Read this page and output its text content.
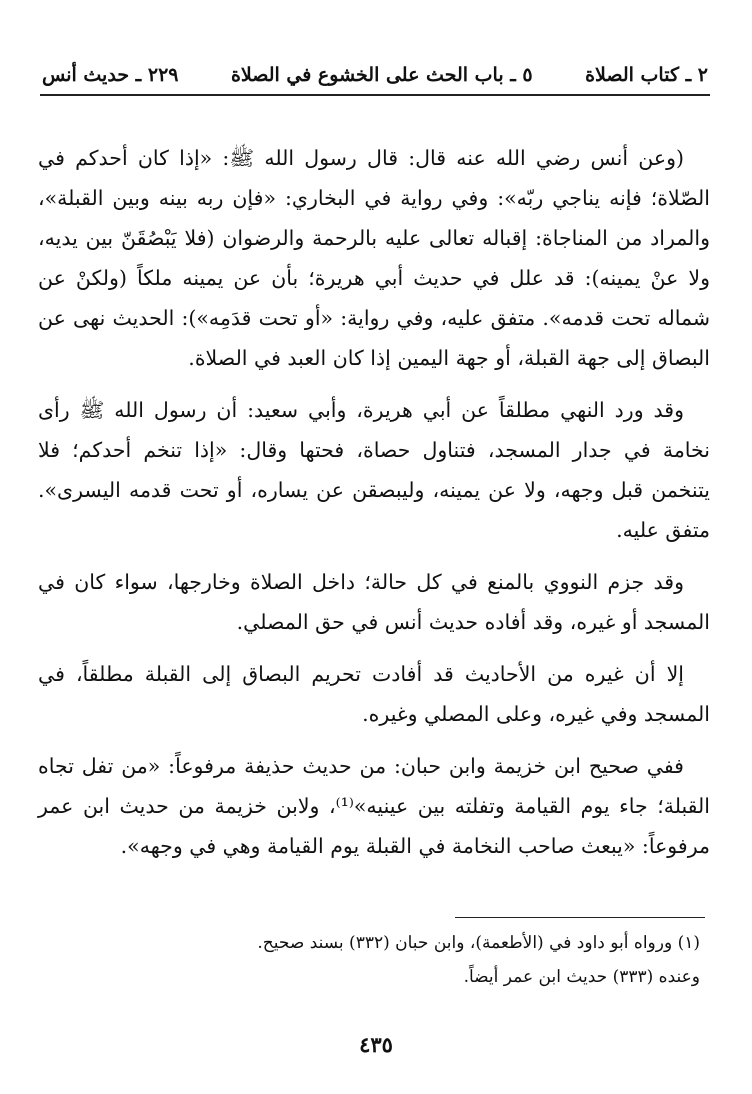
٢ ـ كتاب الصلاة
٥ ـ باب الحث على الخشوع في الصلاة
٢٢٩ ـ حديث أنس

(وعن أنس رضي الله عنه قال: قال رسول الله ﷺ: «إذا كان أحدكم في الصّلاة؛ فإنه يناجي ربّه»: وفي رواية في البخاري: «فإن ربه بينه وبين القبلة»، والمراد من المناجاة: إقباله تعالى عليه بالرحمة والرضوان (فلا يَبْصُقَنّ بين يديه، ولا عنْ يمينه): قد علل في حديث أبي هريرة؛ بأن عن يمينه ملكاً (ولكنْ عن شماله تحت قدمه». متفق عليه، وفي رواية: «أو تحت قدَمِه»): الحديث نهى عن البصاق إلى جهة القبلة، أو جهة اليمين إذا كان العبد في الصلاة.

وقد ورد النهي مطلقاً عن أبي هريرة، وأبي سعيد: أن رسول الله ﷺ رأى نخامة في جدار المسجد، فتناول حصاة، فحتها وقال: «إذا تنخم أحدكم؛ فلا يتنخمن قبل وجهه، ولا عن يمينه، وليبصقن عن يساره، أو تحت قدمه اليسرى». متفق عليه.

وقد جزم النووي بالمنع في كل حالة؛ داخل الصلاة وخارجها، سواء كان في المسجد أو غيره، وقد أفاده حديث أنس في حق المصلي.

إلا أن غيره من الأحاديث قد أفادت تحريم البصاق إلى القبلة مطلقاً، في المسجد وفي غيره، وعلى المصلي وغيره.

ففي صحيح ابن خزيمة وابن حبان: من حديث حذيفة مرفوعاً: «من تفل تجاه القبلة؛ جاء يوم القيامة وتفلته بين عينيه»⁽¹⁾، ولابن خزيمة من حديث ابن عمر مرفوعاً: «يبعث صاحب النخامة في القبلة يوم القيامة وهي في وجهه».

(١) ورواه أبو داود في (الأطعمة)، وابن حبان (٣٣٢) بسند صحيح.
وعنده (٣٣٣) حديث ابن عمر أيضاً.
٤٣٥
